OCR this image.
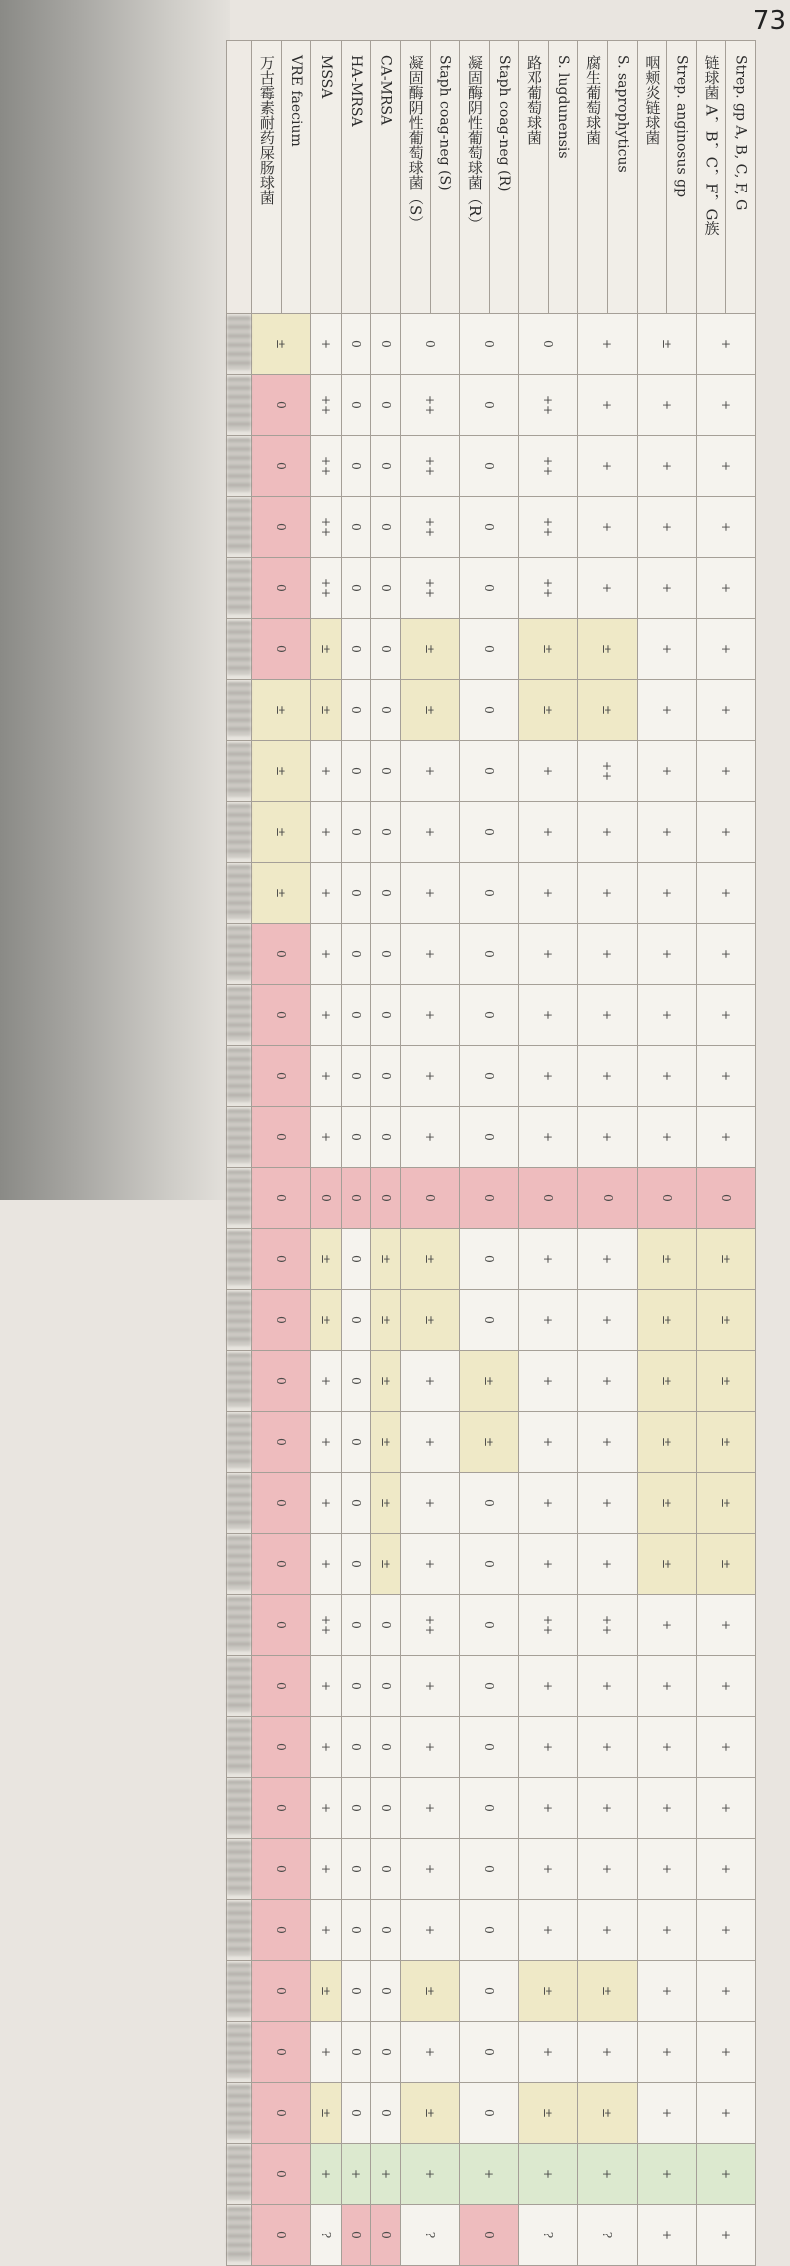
73
	万古霉素耐药屎肠球菌	VRE faecium	MSSA	HA-MRSA	CA-MRSA	凝固酶阴性葡萄球菌（S）	Staph coag-neg (S)	凝固酶阴性葡萄球菌（R）	Staph coag-neg (R)	路邓葡萄球菌	S. lugdunensis	腐生葡萄球菌	S. saprophyticus	咽颊炎链球菌	Strep. anginosus gp	链球菌 A，B，C，F，G族	Strep. gp A, B, C, F, G
	±		+	0	0	0		0		0		+		±		+	
	0		++	0	0	++		0		++		+		+		+	
	0		++	0	0	++		0		++		+		+		+	
	0		++	0	0	++		0		++		+		+		+	
	0		++	0	0	++		0		++		+		+		+	
	0		±	0	0	±		0		±		±		+		+	
	±		±	0	0	±		0		±		±		+		+	
	±		+	0	0	+		0		+		++		+		+	
	±		+	0	0	+		0		+		+		+		+	
	±		+	0	0	+		0		+		+		+		+	
	0		+	0	0	+		0		+		+		+		+	
	0		+	0	0	+		0		+		+		+		+	
	0		+	0	0	+		0		+		+		+		+	
	0		+	0	0	+		0		+		+		+		+	
	0		0	0	0	0		0		0		0		0		0	
	0		±	0	±	±		0		+		+		±		±	
	0		±	0	±	±		0		+		+		±		±	
	0		+	0	±	+		±		+		+		±		±	
	0		+	0	±	+		±		+		+		±		±	
	0		+	0	±	+		0		+		+		±		±	
	0		+	0	±	+		0		+		+		±		±	
	0		++	0	0	++		0		++		++		+		+	
	0		+	0	0	+		0		+		+		+		+	
	0		+	0	0	+		0		+		+		+		+	
	0		+	0	0	+		0		+		+		+		+	
	0		+	0	0	+		0		+		+		+		+	
	0		+	0	0	+		0		+		+		+		+	
	0		±	0	0	±		0		±		±		+		+	
	0		+	0	0	+		0		+		+		+		+	
	0		±	0	0	±		0		±		±		+		+	
	0		+	+	+	+		+		+		+		+		+	
	0		?	0	0	?		0		?		?		+		+	
